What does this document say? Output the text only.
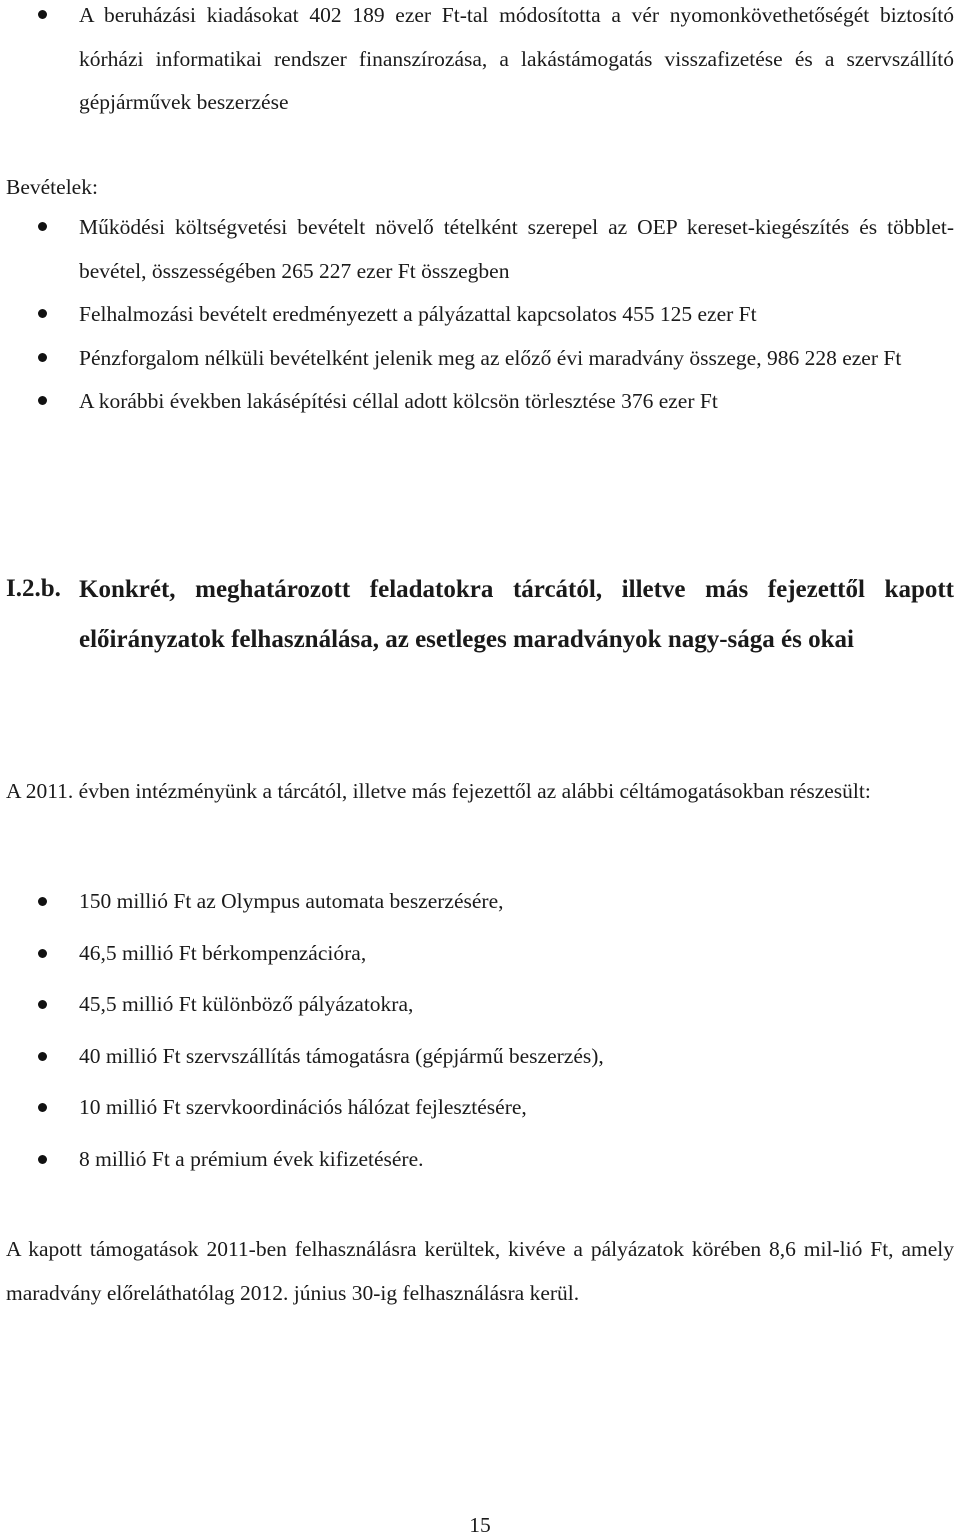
A beruházási kiadásokat 402 189 ezer Ft-tal módosította a vér nyomonkövethetőségét biztosító kórházi informatikai rendszer finanszírozása, a lakástámogatás visszafizetése és a szervszállító gépjárművek beszerzése
Bevételek:
Működési költségvetési bevételt növelő tételként szerepel az OEP kereset-kiegészítés és többlet-bevétel, összességében 265 227 ezer Ft összegben
Felhalmozási bevételt eredményezett a pályázattal kapcsolatos 455 125 ezer Ft
Pénzforgalom nélküli bevételként jelenik meg az előző évi maradvány összege, 986 228 ezer Ft
A korábbi években lakásépítési céllal adott kölcsön törlesztése 376 ezer Ft
I.2.b. Konkrét, meghatározott feladatokra tárcától, illetve más fejezettől kapott előirányzatok felhasználása, az esetleges maradványok nagy-sága és okai
A 2011. évben intézményünk a tárcától, illetve más fejezettől az alábbi céltámogatásokban részesült:
150 millió Ft az Olympus automata beszerzésére,
46,5 millió Ft bérkompenzációra,
45,5 millió Ft különböző pályázatokra,
40 millió Ft szervszállítás támogatásra (gépjármű beszerzés),
10 millió Ft szervkoordinációs hálózat fejlesztésére,
8 millió Ft a prémium évek kifizetésére.
A kapott támogatások 2011-ben felhasználásra kerültek, kivéve a pályázatok körében 8,6 mil-lió Ft, amely maradvány előreláthatólag 2012. június 30-ig felhasználásra kerül.
15
